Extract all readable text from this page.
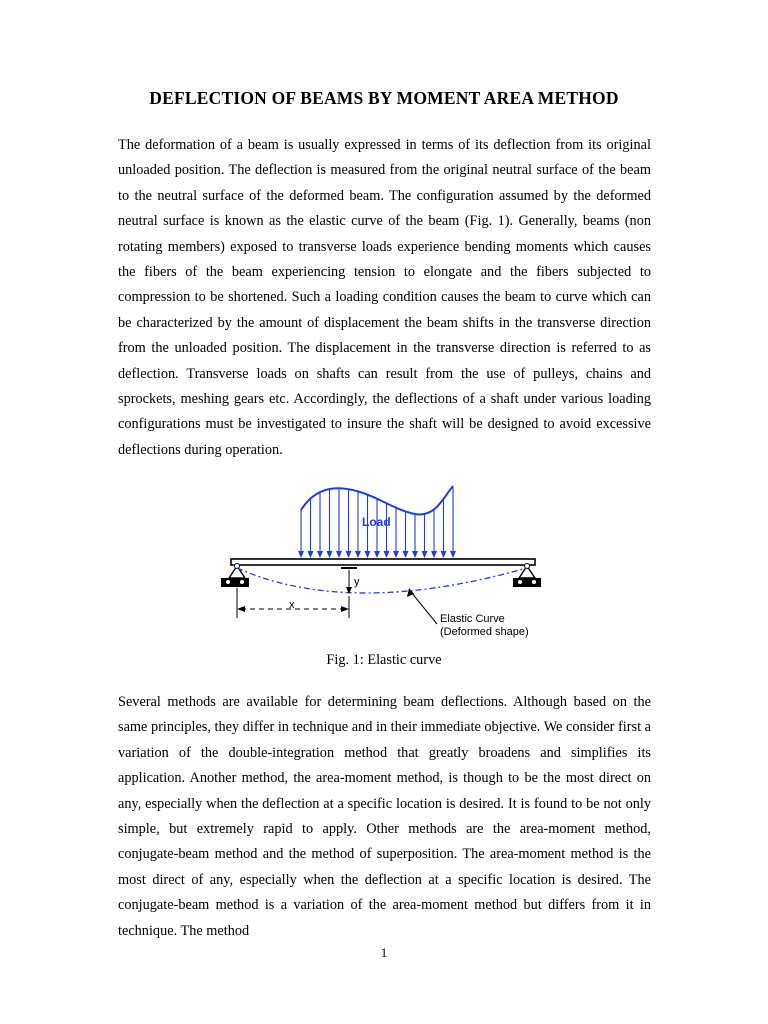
DEFLECTION OF BEAMS BY MOMENT AREA METHOD

The deformation of a beam is usually expressed in terms of its deflection from its original unloaded position. The deflection is measured from the original neutral surface of the beam to the neutral surface of the deformed beam. The configuration assumed by the deformed neutral surface is known as the elastic curve of the beam (Fig. 1). Generally, beams (non rotating members) exposed to transverse loads experience bending moments which causes the fibers of the beam experiencing tension to elongate and the fibers subjected to compression to be shortened. Such a loading condition causes the beam to curve which can be characterized by the amount of displacement the beam shifts in the transverse direction from the unloaded position. The displacement in the transverse direction is referred to as deflection. Transverse loads on shafts can result from the use of pulleys, chains and sprockets, meshing gears etc. Accordingly, the deflections of a shaft under various loading configurations must be investigated to insure the shaft will be designed to avoid excessive deflections during operation.

Load
y
x
Elastic Curve
(Deformed shape)
Fig. 1: Elastic curve

Several methods are available for determining beam deflections. Although based on the same principles, they differ in technique and in their immediate objective. We consider first a variation of the double-integration method that greatly broadens and simplifies its application. Another method, the area-moment method, is though to be the most direct on any, especially when the deflection at a specific location is desired. It is found to be not only simple, but extremely rapid to apply. Other methods are the area-moment method, conjugate-beam method and the method of superposition. The area-moment method is the most direct of any, especially when the deflection at a specific location is desired. The conjugate-beam method is a variation of the area-moment method but differs from it in technique. The method

1
